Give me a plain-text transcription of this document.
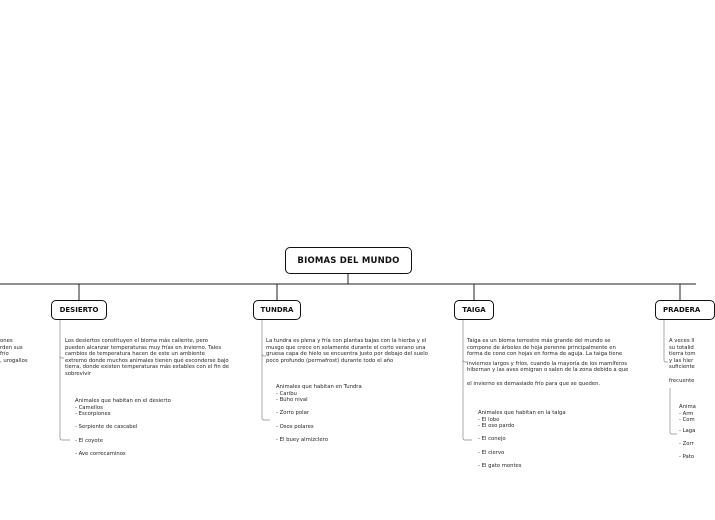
BIOMAS DEL MUNDO
ones
rden sus
frío
, urogallos
DESIERTO
Los desiertos constituyen el bioma más caliente, pero
pueden alcanzar temperaturas muy frías en invierno. Tales
cambios de temperatura hacen de este un ambiente
extremo donde muchos animales tienen qué esconderse bajo
tierra, donde existen temperaturas más estables con el fin de
sobrevivir
Animales que habitan en el desierto
- Camellos
- Escorpiones
- Serpiente de cascabel
- El coyote
- Ave correcaminos
TUNDRA
La tundra es plena y fría con plantas bajas con la hierba y el
musgo que crece en solamente durante el corto verano una
gruesa capa de hielo se encuentra justo por debajo del suelo
poco profundo (permafrost) durante todo el año
Animales que habitan en Tundra
- Caribu
- Búho nival
- Zorro polar
- Osos polares
- El buey almizclero
TAIGA
Taiga es un bioma terrestre más grande del mundo se
compone de árboles de hoja perenne principalmente en
forma de cono con hojas en forma de aguja. La taiga tiene
inviernos largos y fríos, cuando la mayoría de los mamíferos
hibernan y las aves emigran o salen de la zona debido a que
el invierno es demasiado frío para que se queden.
Animales que habitan en la taiga
- El lobo
- El oso pardo
- El conejo
- El ciervo
- El gato montes
PRADERA
A veces ll
su totalid
tierra tom
y las hier
suficiente
frecuente
Anima
- Arm
- Com
- Laga
- Zorr
- Pato
